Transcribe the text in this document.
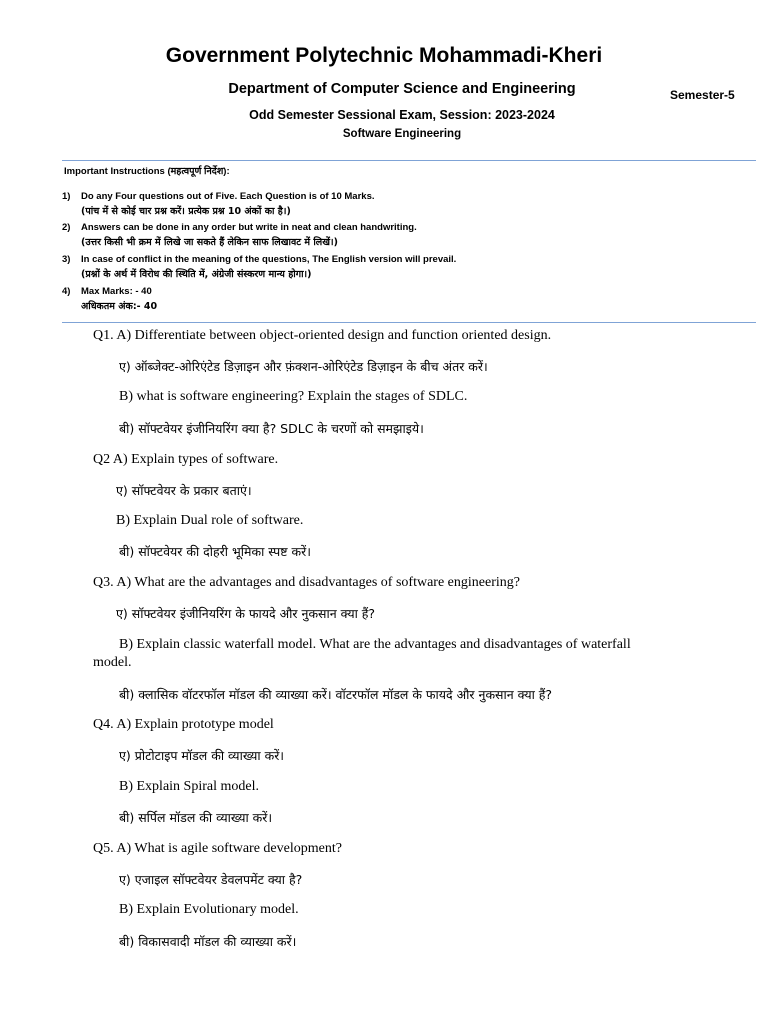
Government Polytechnic Mohammadi-Kheri
Department of Computer Science and Engineering	Semester-5
Odd Semester Sessional Exam, Session: 2023-2024
Software Engineering
Important Instructions (महत्वपूर्ण निर्देश):
1) Do any Four questions out of Five. Each Question is of 10 Marks.
(पांच में से कोई चार प्रश्न करें। प्रत्येक प्रश्न 10 अंकों का है।)
2) Answers can be done in any order but write in neat and clean handwriting.
(उत्तर किसी भी क्रम में लिखे जा सकते हैं लेकिन साफ लिखावट में लिखें।)
3) In case of conflict in the meaning of the questions, The English version will prevail.
(प्रश्नों के अर्थ में विरोध की स्थिति में, अंग्रेजी संस्करण मान्य होगा।)
4) Max Marks: - 40
अधिकतम अंक:- 40
Q1. A) Differentiate between object-oriented design and function oriented design.
ए) ऑब्जेक्ट-ओरिएंटेड डिज़ाइन और फ़ंक्शन-ओरिएंटेड डिज़ाइन के बीच अंतर करें।
B) what is software engineering? Explain the stages of SDLC.
बी) सॉफ्टवेयर इंजीनियरिंग क्या है? SDLC के चरणों को समझाइये।
Q2 A) Explain types of software.
ए) सॉफ्टवेयर के प्रकार बताएं।
B) Explain Dual role of software.
बी) सॉफ्टवेयर की दोहरी भूमिका स्पष्ट करें।
Q3. A) What are the advantages and disadvantages of software engineering?
ए) सॉफ्टवेयर इंजीनियरिंग के फायदे और नुकसान क्या हैं?
B) Explain classic waterfall model. What are the advantages and disadvantages of waterfall
model.
बी) क्लासिक वॉटरफॉल मॉडल की व्याख्या करें। वॉटरफॉल मॉडल के फायदे और नुकसान क्या हैं?
Q4. A) Explain prototype model
ए) प्रोटोटाइप मॉडल की व्याख्या करें।
B) Explain Spiral model.
बी) सर्पिल मॉडल की व्याख्या करें।
Q5. A) What is agile software development?
ए) एजाइल सॉफ्टवेयर डेवलपमेंट क्या है?
B) Explain Evolutionary model.
बी) विकासवादी मॉडल की व्याख्या करें।
